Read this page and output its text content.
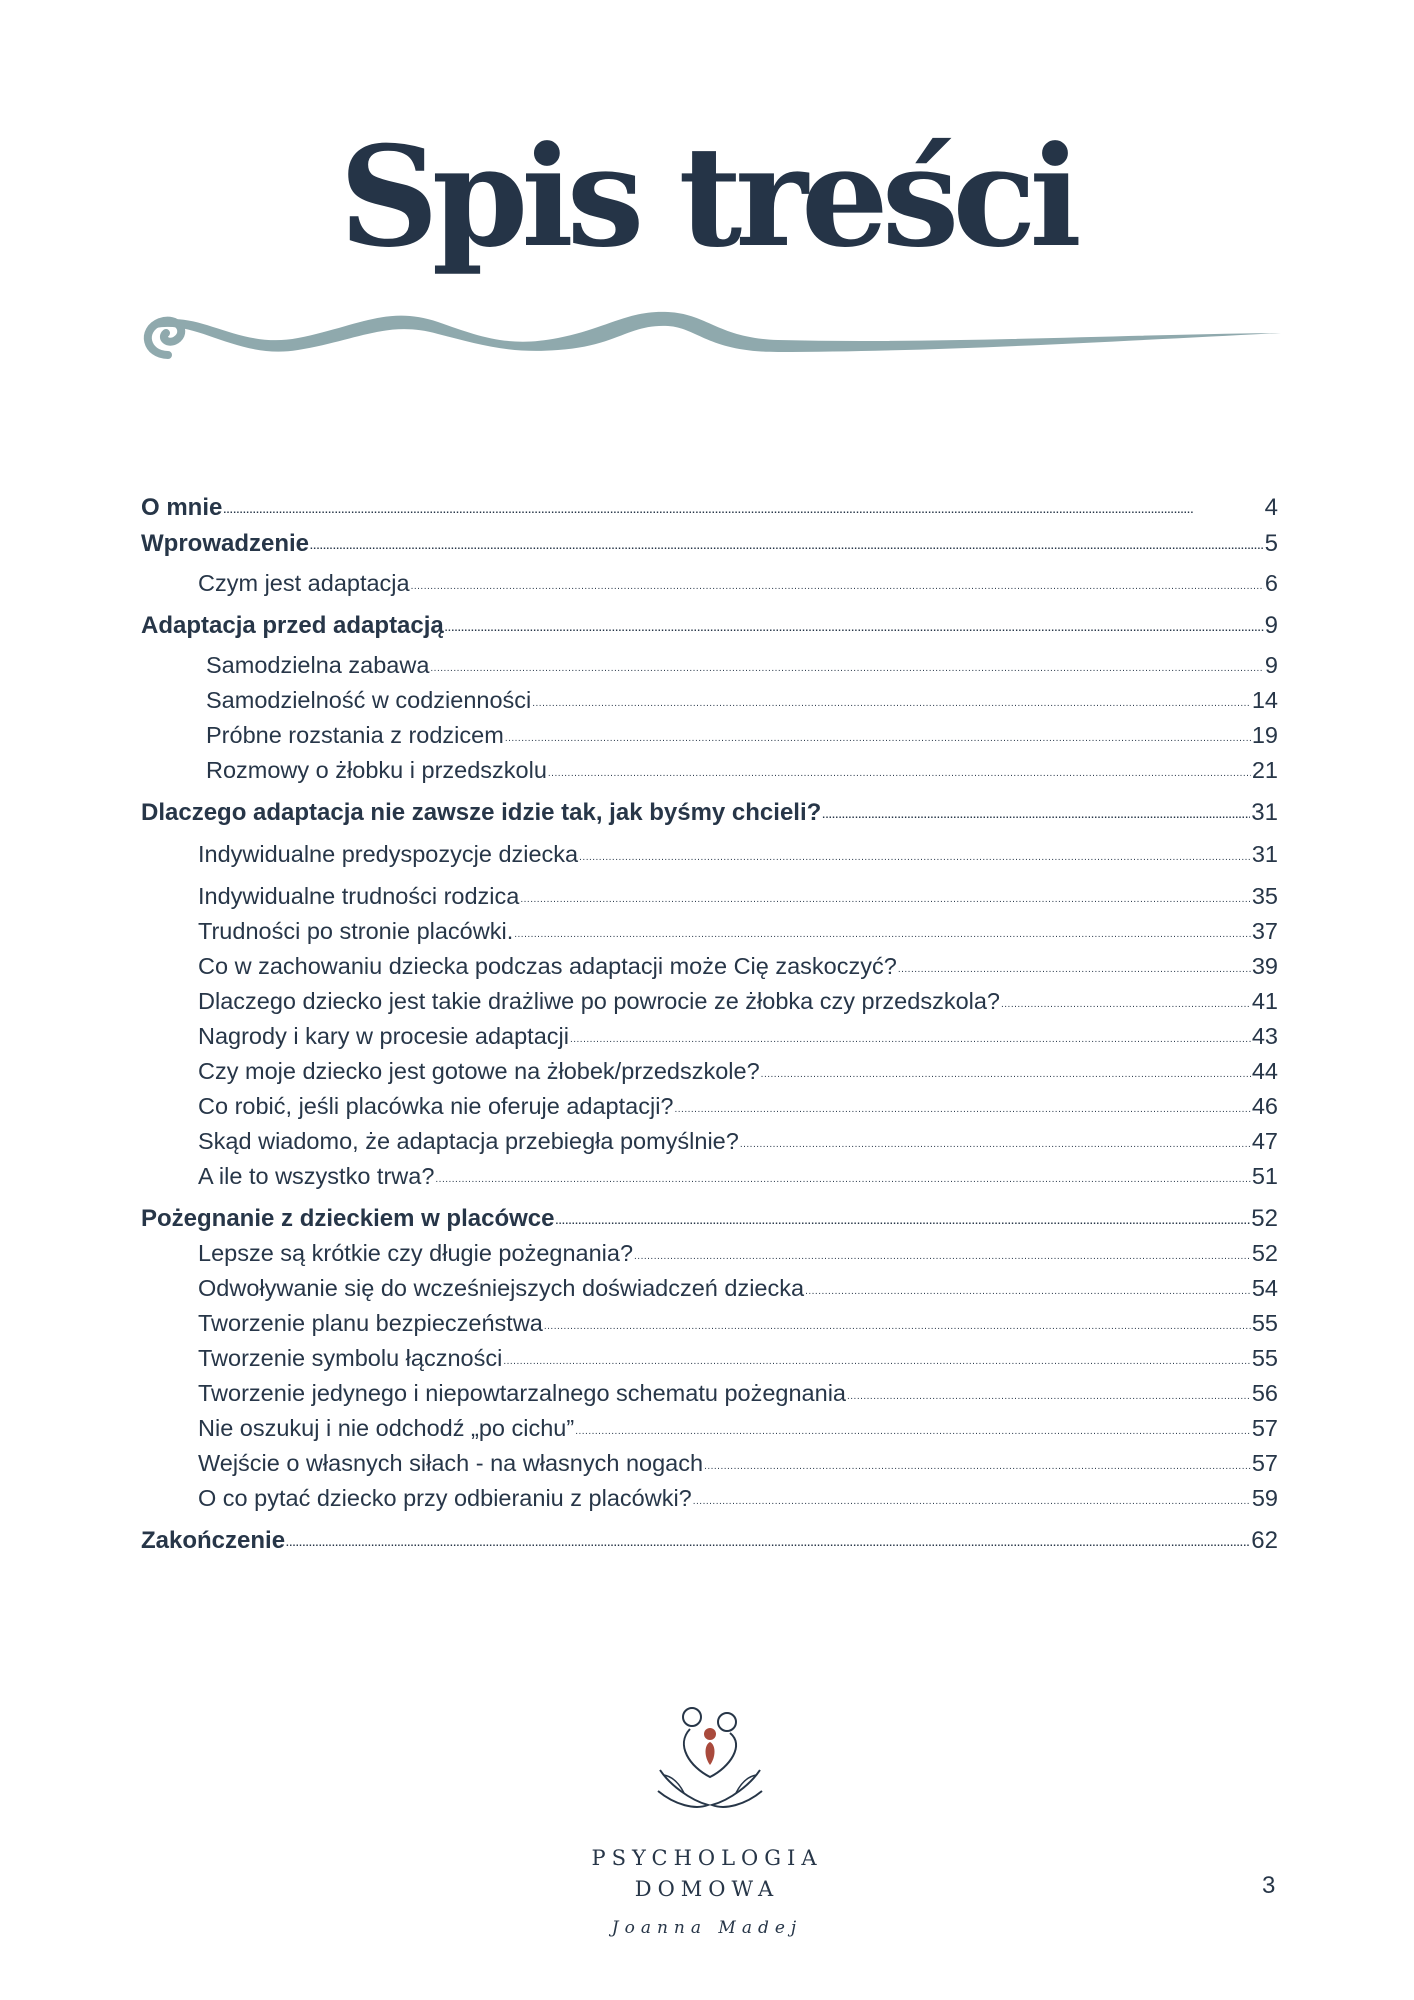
Spis treści
O mnie .....	4
Wprowadzenie .....	5
Czym jest adaptacja .....	6
Adaptacja przed adaptacją .....	9
Samodzielna zabawa .....	9
Samodzielność w codzienności .....	14
Próbne rozstania z rodzicem .....	19
Rozmowy o żłobku i przedszkolu .....	21
Dlaczego adaptacja nie zawsze idzie tak, jak byśmy chcieli? .....	31
Indywidualne predyspozycje dziecka .....	31
Indywidualne trudności rodzica .....	35
Trudności po stronie placówki. .....	37
Co w zachowaniu dziecka podczas adaptacji może Cię zaskoczyć? .....	39
Dlaczego dziecko jest takie drażliwe po powrocie ze żłobka czy przedszkola? .....	41
Nagrody i kary w procesie adaptacji .....	43
Czy moje dziecko jest gotowe na żłobek/przedszkole? .....	44
Co robić, jeśli placówka nie oferuje adaptacji? .....	46
Skąd wiadomo, że adaptacja przebiegła pomyślnie? .....	47
A ile to wszystko trwa? .....	51
Pożegnanie z dzieckiem w placówce .....	52
Lepsze są krótkie czy długie pożegnania? .....	52
Odwoływanie się do wcześniejszych doświadczeń dziecka .....	54
Tworzenie planu bezpieczeństwa .....	55
Tworzenie symbolu łączności .....	55
Tworzenie jedynego i niepowtarzalnego schematu pożegnania .....	56
Nie oszukuj i nie odchodź „po cichu” .....	57
Wejście o własnych siłach - na własnych nogach .....	57
O co pytać dziecko przy odbieraniu z placówki? .....	59
Zakończenie .....	62
PSYCHOLOGIA
DOMOWA
Joanna Madej
3
